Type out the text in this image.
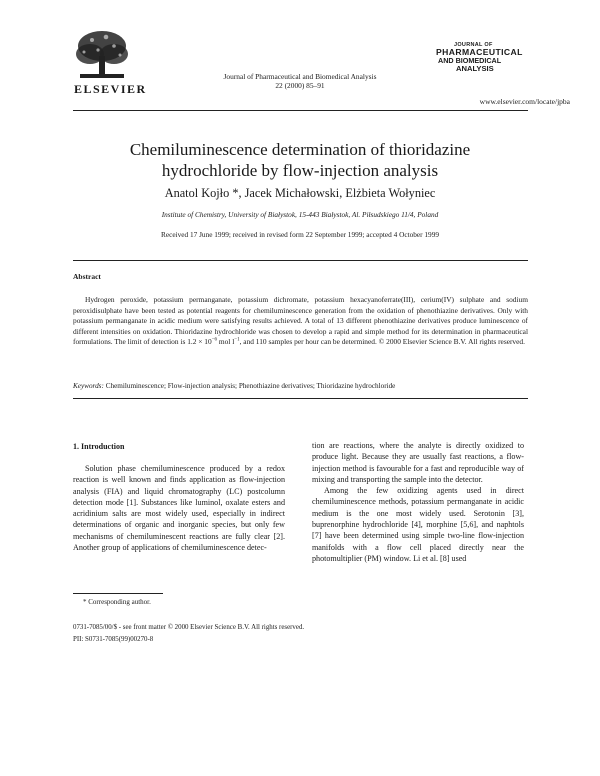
ELSEVIER
Journal of Pharmaceutical and Biomedical Analysis
22 (2000) 85–91
JOURNAL OF
PHARMACEUTICAL
AND BIOMEDICAL
ANALYSIS
www.elsevier.com/locate/jpba
Chemiluminescence determination of thioridazine
hydrochloride by flow-injection analysis
Anatol Kojło *, Jacek Michałowski, Elżbieta Wołyniec
Institute of Chemistry, University of Białystok, 15-443 Białystok, Al. Piłsudskiego 11/4, Poland
Received 17 June 1999; received in revised form 22 September 1999; accepted 4 October 1999
Abstract
Hydrogen peroxide, potassium permanganate, potassium dichromate, potassium hexacyanoferrate(III), cerium(IV) sulphate and sodium peroxidisulphate have been tested as potential reagents for chemiluminescence generation from the oxidation of phenothiazine derivatives. Only with potassium permanganate in acidic medium were satisfying results achieved. A total of 13 different phenothiazine derivatives produce luminescence of different intensities on oxidation. Thioridazine hydrochloride was chosen to develop a rapid and simple method for its determination in pharmaceutical formulations. The limit of detection is $1.2 \times 10^{-6}$ mol $l^{-1}$, and 110 samples per hour can be determined. © 2000 Elsevier Science B.V. All rights reserved.
Keywords: Chemiluminescence; Flow-injection analysis; Phenothiazine derivatives; Thioridazine hydrochloride
1. Introduction

Solution phase chemiluminescence produced by a redox reaction is well known and finds application as flow-injection analysis (FIA) and liquid chromatography (LC) postcolumn detection mode [1]. Substances like luminol, oxalate esters and acridinium salts are most widely used, especially in indirect determinations of organic and inorganic species, but only few mechanisms of chemiluminescent reactions are fully clear [2]. Another group of applications of chemiluminescence detec-

tion are reactions, where the analyte is directly oxidized to produce light. Because they are usually fast reactions, a flow-injection method is favourable for a fast and reproducible way of mixing and transporting the sample into the detector.

Among the few oxidizing agents used in direct chemiluminescence methods, potassium permanganate in acidic medium is the one most widely used. Serotonin [3], buprenorphine hydrochloride [4], morphine [5,6], and naphtols [7] have been determined using simple two-line flow-injection manifolds with a flow cell placed directly near the photomultiplier (PM) window. Li et al. [8] used

* Corresponding author.
0731-7085/00/$ - see front matter © 2000 Elsevier Science B.V. All rights reserved.
PII: S0731-7085(99)00270-8
